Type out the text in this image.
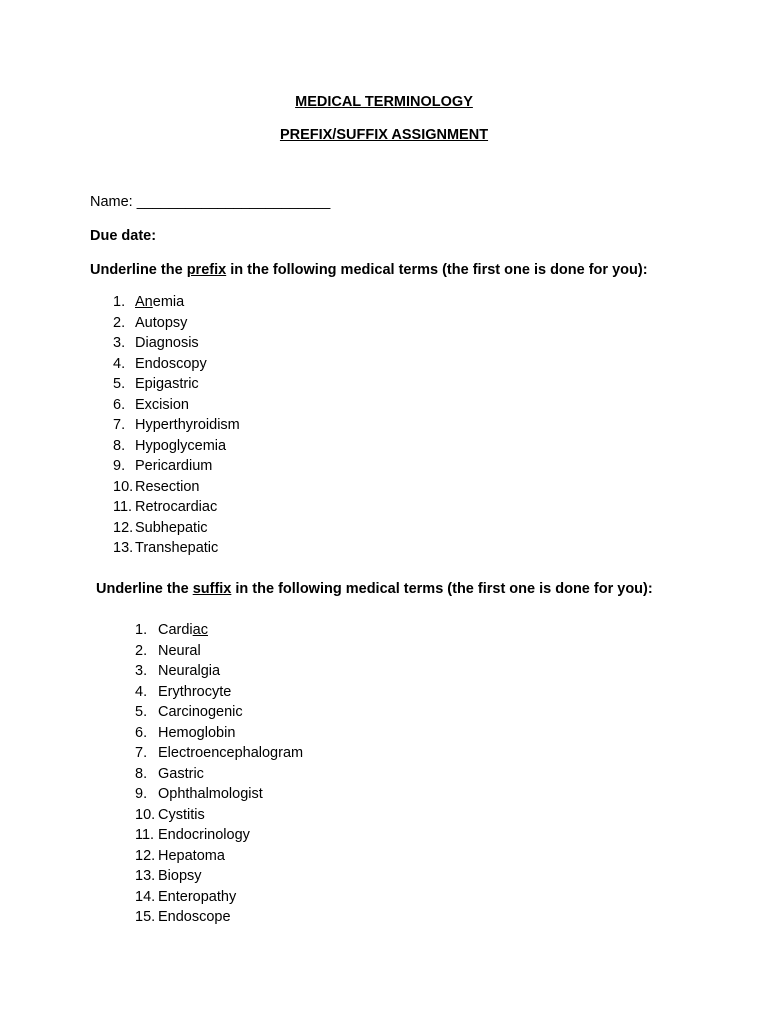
MEDICAL TERMINOLOGY
PREFIX/SUFFIX ASSIGNMENT
Name: ________________________
Due date:
Underline the prefix in the following medical terms (the first one is done for you):
1. Anemia
2. Autopsy
3. Diagnosis
4. Endoscopy
5. Epigastric
6. Excision
7. Hyperthyroidism
8. Hypoglycemia
9. Pericardium
10. Resection
11. Retrocardiac
12. Subhepatic
13. Transhepatic
Underline the suffix in the following medical terms (the first one is done for you):
1. Cardiac
2. Neural
3. Neuralgia
4. Erythrocyte
5. Carcinogenic
6. Hemoglobin
7. Electroencephalogram
8. Gastric
9. Ophthalmologist
10. Cystitis
11. Endocrinology
12. Hepatoma
13. Biopsy
14. Enteropathy
15. Endoscope
